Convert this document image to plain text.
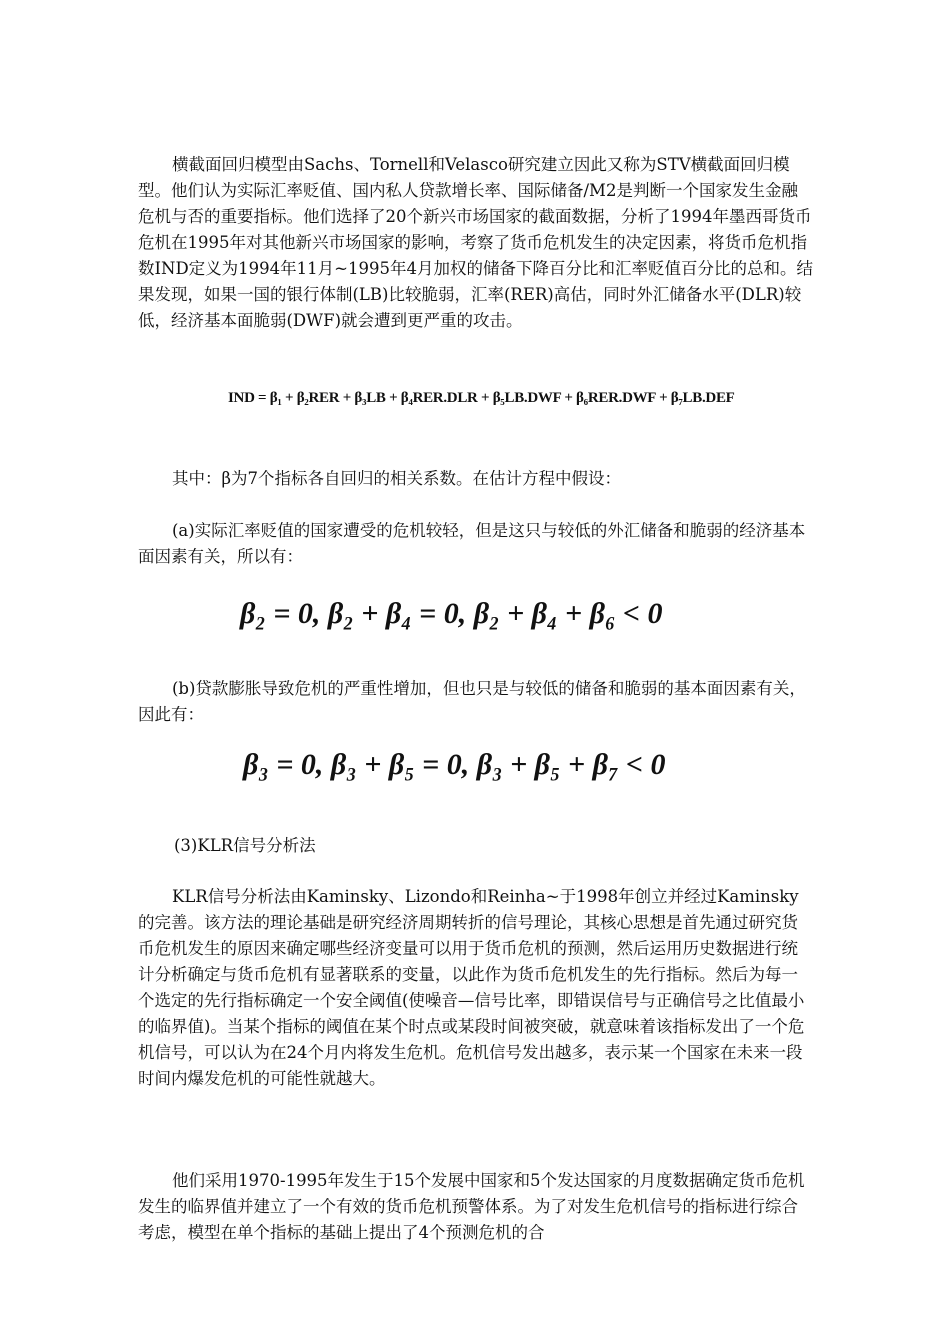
横截面回归模型由Sachs、Tornell和Velasco研究建立因此又称为STV横截面回归模型。他们认为实际汇率贬值、国内私人贷款增长率、国际储备/M2是判断一个国家发生金融危机与否的重要指标。他们选择了20个新兴市场国家的截面数据，分析了1994年墨西哥货币危机在1995年对其他新兴市场国家的影响，考察了货币危机发生的决定因素，将货币危机指数IND定义为1994年11月~1995年4月加权的储备下降百分比和汇率贬值百分比的总和。结果发现，如果一国的银行体制(LB)比较脆弱，汇率(RER)高估，同时外汇储备水平(DLR)较低，经济基本面脆弱(DWF)就会遭到更严重的攻击。

IND = β₁ + β₂RER + β₃LB + β₄RER.DLR + β₅LB.DWF + β₆RER.DWF + β₇LB.DEF

其中：β为7个指标各自回归的相关系数。在估计方程中假设：

(a)实际汇率贬值的国家遭受的危机较轻，但是这只与较低的外汇储备和脆弱的经济基本面因素有关，所以有：

β₂ = 0, β₂ + β₄ = 0, β₂ + β₄ + β₆ < 0

(b)贷款膨胀导致危机的严重性增加，但也只是与较低的储备和脆弱的基本面因素有关，因此有：

β₃ = 0, β₃ + β₅ = 0, β₃ + β₅ + β₇ < 0
(3)KLR信号分析法

KLR信号分析法由Kaminsky、Lizondo和Reinha~于1998年创立并经过Kaminsky的完善。该方法的理论基础是研究经济周期转折的信号理论，其核心思想是首先通过研究货币危机发生的原因来确定哪些经济变量可以用于货币危机的预测，然后运用历史数据进行统计分析确定与货币危机有显著联系的变量，以此作为货币危机发生的先行指标。然后为每一个选定的先行指标确定一个安全阈值(使噪音—信号比率，即错误信号与正确信号之比值最小的临界值)。当某个指标的阈值在某个时点或某段时间被突破，就意味着该指标发出了一个危机信号，可以认为在24个月内将发生危机。危机信号发出越多，表示某一个国家在未来一段时间内爆发危机的可能性就越大。

他们采用1970-1995年发生于15个发展中国家和5个发达国家的月度数据确定货币危机发生的临界值并建立了一个有效的货币危机预警体系。为了对发生危机信号的指标进行综合考虑，模型在单个指标的基础上提出了4个预测危机的合
